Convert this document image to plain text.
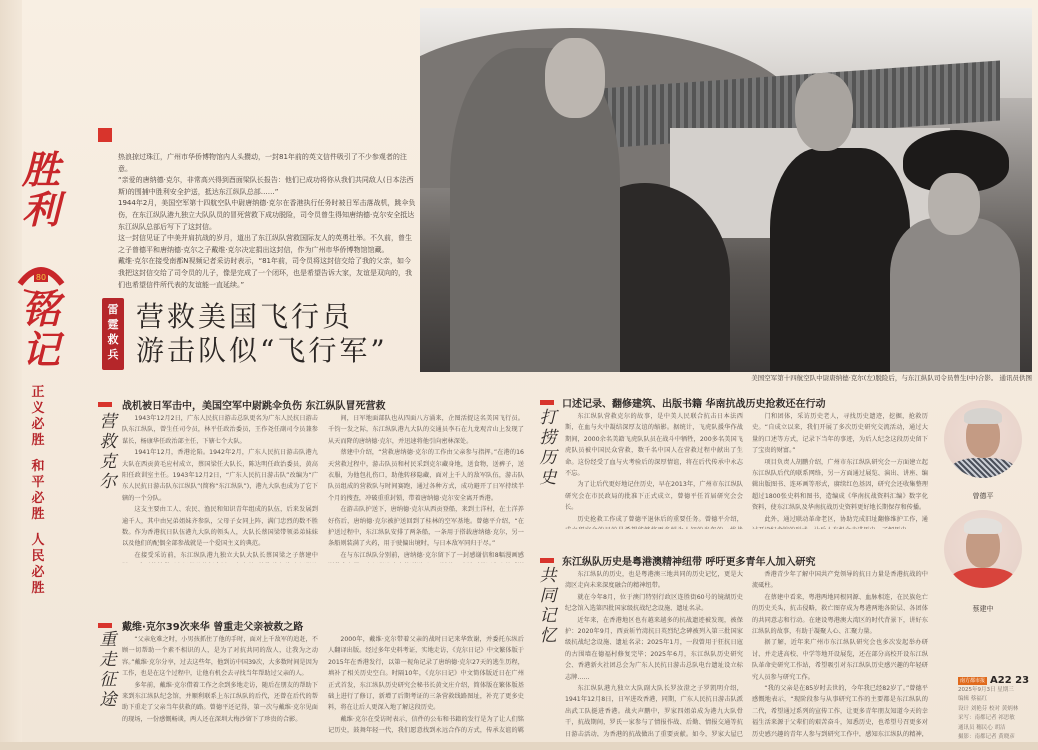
胜
利
80
铭
记
正义必胜
和平必胜
人民必胜

热浪掠过珠江，广州市华侨博物馆内人头攒动，一封81年前的英文信件吸引了不少参观者的注意。

“亲爱的唐纳德·克尔，非常高兴得到酉面梁队长报告：他们已成功将你从我们共同敌人(日本法西斯)的围捕中胜利安全护送，抵达东江纵队总部……”

1944年2月，美国空军第十四航空队中尉唐纳德·克尔在香港执行任务时被日军击落战机，跳伞负伤，在东江纵队港九独立大队队员的冒死营救下成功脱险，司令员曾生得知唐纳德·克尔安全抵达东江纵队总部后写下了这封信。

这一封信见证了中美并肩抗战的岁月，道出了东江纵队营救国际友人的英勇壮举。不久前，曾生之子曾德平和唐纳德·克尔之子戴维·克尔决定捐出这封信，作为广州市华侨博物馆馆藏。

戴维·克尔在接受南都N视频记者采访时表示，“81年前，司令员将这封信交给了我的父亲，如今我把这封信交给了司令员的儿子，像是完成了一个闭环，也是希望告诉大家，友谊是双向的，我们也希望信件所代表的友谊能一直延续。”

雷
霆
救
兵
营救美国飞行员
游击队似“飞行军”
美国空军第十四航空队中尉唐纳德·克尔(左)脱险后，与东江纵队司令员曾生(中)合影。 通讯员供图
战机被日军击中，美国空军中尉跳伞负伤 东江纵队冒死营救
营
救
克
尔

1943年12月2日，广东人民抗日游击总队更名为广东人民抗日游击队东江纵队，曾生任司令员，林平任政治委员，王作尧任副司令员兼参谋长，杨康华任政治部主任，下辖七个大队。

1941年12月，香港沦陷。1942年2月，广东人民抗日游击队港九大队在西贡黄毛应村成立，蔡国梁任大队长，陈达明任政治委员，黄高阳任政训室主任。1943年12月2日，“广东人民抗日游击队”改编为“广东人民抗日游击队东江纵队”(简称“东江纵队”)，港九大队也成为了它下辖的一个分队。

这支主要由工人、农民、渔民和知识青年组成的队伍，后来发展到逾千人，其中由兄弟姐妹齐参队，父母子女同上阵，满门忠烈的数不胜数。作为香港抗日队伍港九大队的领头人，大队长蔡国梁带领弟弟妹妹以及他们的配偶全部参战就是一个爱国主义的典范。

在接受采访前，东江纵队港九独立大队大队长蔡国梁之子蔡建中

间，日军地面部队也从四面八方涌来，企图活捉这名美国飞行员。千钧一发之际，东江纵队港九大队的交通员李石在九龙观音山上发现了从天而降的唐纳德·克尔，并迅速将他引向密林深处。

蔡建中介绍，“营救唐纳德·克尔的工作由父亲参与指挥。”在港的16天营救过程中，游击队员和村民采到克尔藏身地，送食物，送裤子，送衣服，为他包扎伤口，助他转移隐藏，面对上千人的敌军队伍，游击队队员组成的营救队与时间赛跑，通过各种方式，成功避开了日军持续半个月的搜查，冲破重重封锁，带着唐纳德·克尔安全离开香港。

在游击队护送下，唐纳德·克尔从西贡登船，来到土洋村，在土洋养好伤后，唐纳德·克尔被护送回到了桂林的空军基地。曾德平介绍，“在护送过程中，东江纵队安排了两条船，一条用于搭载唐纳德·克尔，另一条船则装满了火药，用于驶偏出境时，与日本敌军同归于尽。”

在与东江纵队分别前，唐纳德·克尔留下了一封感谢信和8幅漫画感

戴维·克尔39次来华 曾重走父亲被救之路
重
走
征
途

“父亲危难之时，小男孩抓住了他的手时，面对上千敌军的追赶，不顾一切帮助一个素不相识的人，是为了对抗共同的敌人，让我为之动容。”戴维·克尔分享，过去这些年，他到访中国39次，大多数时间是因为工作，也是在这个过程中，让他有机会去寻找当年帮助过父亲的人。

多年前，戴维·克尔借着工作之余到多地走访，随后在朋友的帮助下来到东江纵队纪念馆，并顺利联系上东江纵队的后代，还曾在后代的帮助下重走了父亲当年获救的路。曾德平还记得，第一次与戴维·克尔见面的现场，一份感慨畅谈，两人还在深圳大梅沙留下了珍贵的合影。

2000年，戴维·克尔带着父亲的战时日记来华致谢，并委托东纵后人翻译出版。经过多年史料考证，实地走访，《克尔日记》中文繁体版于2015年在香港发行，以第一视角记录了唐纳德·克尔27天的逃生历程，填补了相关历史空白。时隔10年，《克尔日记》中文简体版近日在广州正式首发，东江纵队历史研究会秘书长黄文庄介绍，简体版在繁体版基础上进行了修订，新增了后期考证的三条营救线路图址，补充了更多史料，将在让后人更深入地了解这段历史。

戴维·克尔在受访时表示，信件的公布和书籍的发行是为了让人们铭记历史，鼓舞年轻一代，我们愿意找到永远合作的方式，传承友谊的羁

口述记录、翻修建筑、出版书籍 华南抗战历史抢救还在行动
打
捞
历
史

东江纵队营救克尔的故事，是中美人民联合抗击日本法西斯，在血与火中凝结深厚友谊的缩影。据统计，飞虎队援华作战期间，2000余名美籍飞虎队队员在战斗中牺牲，200多名美国飞虎队员被中国民众营救，数千名中国人在营救过程中献出了生命。这份经受了血与火考验后的深厚情谊，将在后代传承中永志不忘。

为了让后代更好地记住历史，早在2013年，广州市东江纵队研究会在市民政局的批准下正式成立，曾德平任首届研究会会长。

历史抢救工作成了曾德平退休后的重要任务。曾德平介绍，

门和团体，采访历史老人，寻找历史遗迹，挖掘，抢救历史。“自成立以来，我们开展了多次历史研究交流活动，通过大量的口述等方式，记录下当年的事迹，为后人纪念这段历史留下了宝贵的财富。”

项目负责人胡鹏介绍，广州市东江纵队研究会一方面建立起东江纵队后代的联系网络，另一方面通过展览、演出、讲座、编辑出版图书、连环画等形式，赓续红色基因，研究会还收集整理超过1800张史料和图书，造编成《华南抗战资料汇编》数字化资料，使东江纵队及华南抗战历史资料更好地长期保存和传播。

此外，通过联动革命老区，协助完成旧址翻修维护工作，通

东江纵队历史是粤港澳精神纽带 呼吁更多青年人加入研究
共
同
记
忆

东江纵队的历史，也是粤港澳三地共同的历史记忆，更是大湾区走向未来深度融合的精神纽带。

就在今年8月，位于澳门特别行政区连胜街60号的镜湖历史纪念馆入选第四批国家级抗战纪念设施、遗址名录。

近年来，在香港地区也有越来越多的抗战遗迹被发现，被保护：2020年9月，西贡斩竹湾抗日英烈纪念碑被列入第三批国家级抗战纪念设施、遗址名录；2025年1月，一段曾用于狂抗日寇的古围墙在德福村修复完毕；2025年6月，东江纵队历史研究会、香港新火社团总会为广东人民抗日游击总队电台遗址设立标志牌……

东江纵队港九独立大队副大队长罗汝澄之子罗凯明介绍，1941年12月8日，日军进攻香港，同期，广东人民抗日游击队派出武工队挺进香港。战火声鹏中，罗家四姐弟成为港九大队骨干，抗战期间，罗氏一家参与了情报作战、后勤、情报交通等抗日游击活动，为香港的抗战做出了重要贡献。如今，罗家大屋已

香港青少年了解中国共产党领导的抗日力量是香港抗战的中流砥柱。

在蔡建中看来，粤港两地同根同源、血脉相连，在民族危亡的历史关头，抗击侵略，救亡图存成为粤港两地各阶层、各团体的共同意志和行动。在建设粤港澳大湾区的时代背景下，讲好东江纵队的故事，有助于凝聚人心、汇聚力量。

据了解，近年来广州市东江纵队研究会也多次发起举办研讨、并走进高校、中学等地开设展览，还在部分高校开设东江纵队革命史研究工作站，希望吸引对东江纵队历史感兴趣的年轻研究人员参与研究工作。

“我的父亲是在85岁时去世的，今年我已经82岁了。”曾德平感慨地表示，“现阶段参与从事研究工作的主要都是东江纵队的二代，希望通过系列的宣传工作，让更多青年朋友知道今天的幸福生活来源于父辈们的艰苦奋斗，知悉历史，也希望号召更多对历史感兴趣的青年人参与到研究工作中，感知东江纵队的精神，

曾德平
蔡建中
南方都市报 A22 23
2025年9月3日 星期三
编辑 蔡福红
设计 刘艳芬 校对 黄炳林
采写：南都记者 祁思敏
通讯员 穗民心 胡洁
摄影：南都记者 黄晓彦
